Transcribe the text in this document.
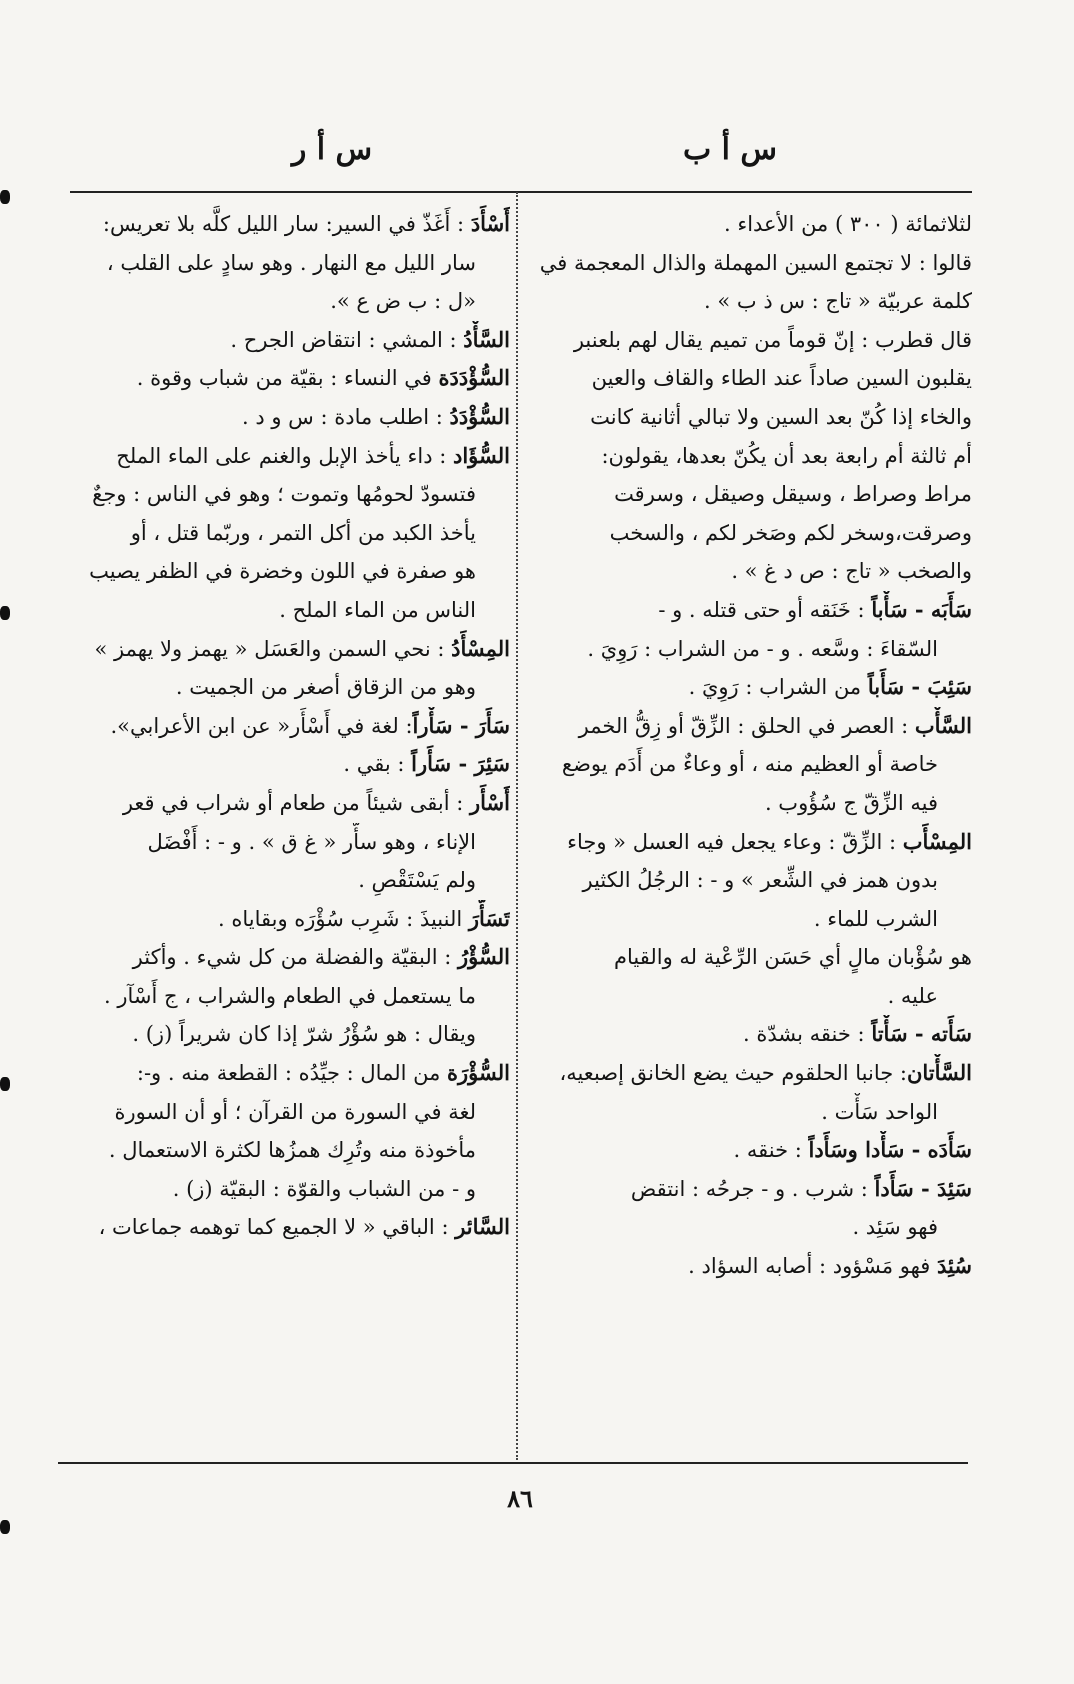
س أ ب
س أ ر
لثلاثمائة ( ٣٠٠ ) من الأعداء .
قالوا : لا تجتمع السين المهملة والذال المعجمة في
كلمة عربيّة « تاج : س ذ ب » .
قال قطرب : إنّ قوماً من تميم يقال لهم بلعنبر
يقلبون السين صاداً عند الطاء والقاف والعين
والخاء إذا كُنّ بعد السين ولا تبالي أثانية كانت
أم ثالثة أم رابعة بعد أن يكُنّ بعدها، يقولون:
مراط وصراط ، وسيقل وصيقل ، وسرقت
وصرقت،وسخر لكم وصَخر لكم ، والسخب
والصخب « تاج : ص د غ » .
سَأَبَه - سَأْباً : خَنَقه أو حتى قتله . و -
السّقاءَ : وسَّعه . و - من الشراب : رَوِيَ .
سَئِبَ - سَأَباً من الشراب : رَوِيَ .
السَّأْب : العصر في الحلق : الزِّقّ أو زِقُّ الخمر
خاصة أو العظيم منه ، أو وعاءٌ من أَدَم يوضع
فيه الزِّقّ ج سُؤُوب .
المِسْأَب : الزِّقّ : وعاء يجعل فيه العسل « وجاء
بدون همز في الشِّعر » و - : الرجُلُ الكثير
الشرب للماء .
هو سُؤْبان مالٍ أي حَسَن الرِّعْية له والقيام
عليه .
سَأَته - سَأْتاً : خنقه بشدّة .
السَّأْتان: جانبا الحلقوم حيث يضع الخانق إصبعيه،
الواحد سَأْت .
سَأَدَه - سَأْدا وسَأَداً : خنقه .
سَئِدَ - سَأَداً : شرب . و - جرحُه : انتقض
فهو سَئِد .
سُئِدَ فهو مَسْؤود : أصابه السؤاد .
أَسْأَدَ : أَغَذّ في السير: سار الليل كلَّه بلا تعريس:
سار الليل مع النهار . وهو سادٍ على القلب ،
«ل : ب ض ع ».
السَّأْدُ : المشي : انتقاض الجرح .
السُّؤْدَدَة في النساء : بقيّة من شباب وقوة .
السُّؤْدَدُ : اطلب مادة : س و د .
السُّؤَاد : داء يأخذ الإبل والغنم على الماء الملح
فتسودّ لحومُها وتموت ؛ وهو في الناس : وجعٌ
يأخذ الكبد من أكل التمر ، وربّما قتل ، أو
هو صفرة في اللون وخضرة في الظفر يصيب
الناس من الماء الملح .
المِسْأَدُ : نحي السمن والعَسَل « يهمز ولا يهمز »
وهو من الزقاق أصغر من الجميت .
سَأَرَ - سَأْراً: لغة في أَسْأَر« عن ابن الأعرابي».
سَئِرَ - سَأَراً : بقي .
أَسْأَر : أبقى شيئاً من طعام أو شراب في قعر
الإناء ، وهو سأّر « غ ق » . و - : أَفْضَل
ولم يَسْتَقْصِ .
تَسَأَّرَ النبيذَ : شَرِب سُؤْرَه وبقاياه .
السُّؤْرُ : البقيّة والفضلة من كل شيء . وأكثر
ما يستعمل في الطعام والشراب ، ج أَسْآر .
ويقال : هو سُؤْرُ شرّ إذا كان شريراً (ز) .
السُّؤْرَة من المال : جيِّدُه : القطعة منه . و-:
لغة في السورة من القرآن ؛ أو أن السورة
مأخوذة منه وتُرِك همزُها لكثرة الاستعمال .
و - من الشباب والقوّة : البقيّة (ز) .
السَّائر : الباقي « لا الجميع كما توهمه جماعات ،
٨٦
